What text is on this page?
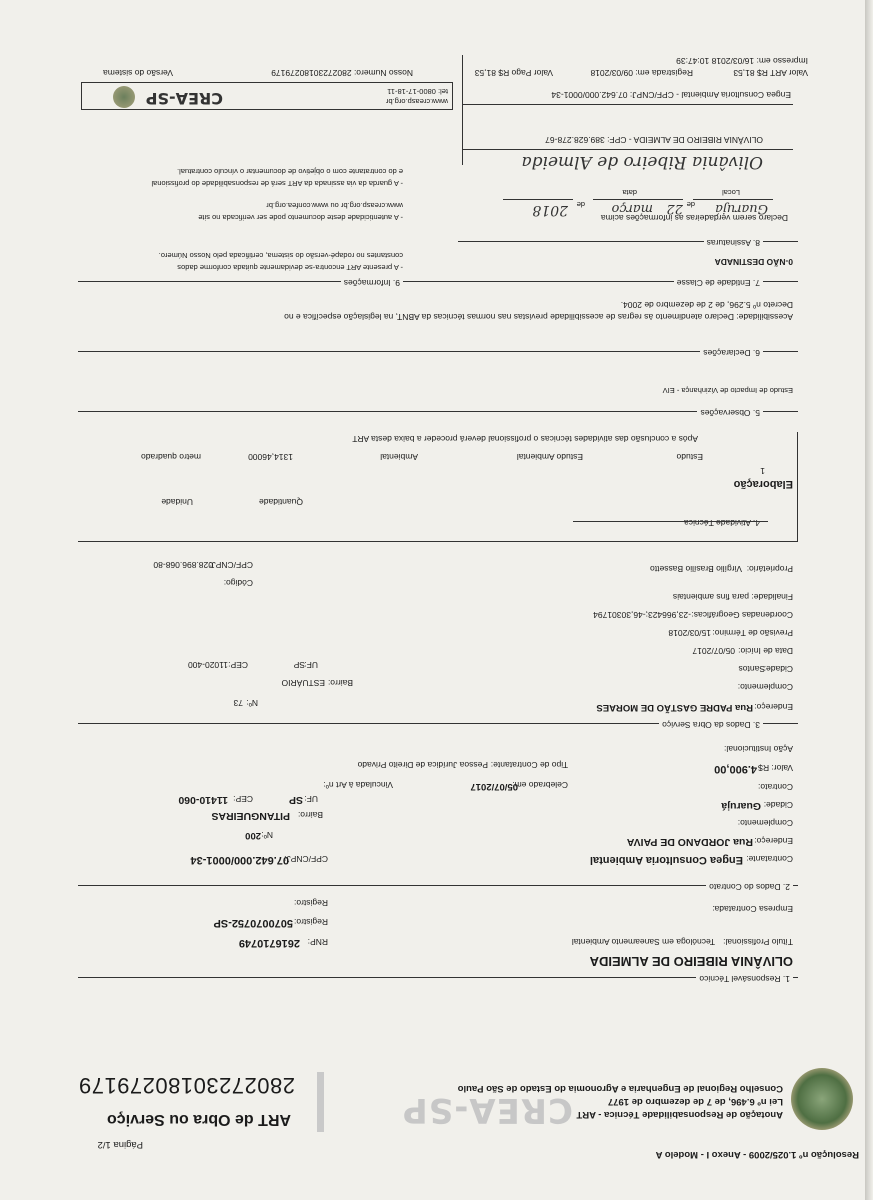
Resolução nº 1.025/2009 - Anexo I - Modelo A
Página 1/2
Anotação de Responsabilidade Técnica - ART
Lei nº 6.496, de 7 de dezembro de 1977
Conselho Regional de Engenharia e Agronomia do Estado de São Paulo
CREA-SP
ART de Obra ou Serviço
28027230180279179
1. Responsável Técnico
OLIVÂNIA RIBEIRO DE ALMEIDA
Título Profissional:
Tecnóloga em Saneamento Ambiental
RNP:
2616710749
Registro:
5070070752-SP
Empresa Contratada:
Registro:
2. Dados do Contrato
Contratante:
Engea Consultoria Ambiental
CPF/CNPJ:
07.642.000/0001-34
Endereço:
Rua JORDANO DE PAIVA
Nº:
200
Complemento:
Bairro:
PITANGUEIRAS
Cidade:
Guarujá
UF:
SP
CEP:
11410-060
Contrato:
Celebrado em:
05/07/2017
Vinculada à Art nº:
Valor: R$
4.900,00
Tipo de Contratante:
Pessoa Jurídica de Direito Privado
Ação Institucional:
3. Dados da Obra Serviço
Endereço:
Rua PADRE GASTÃO DE MORAES
Nº:
73
Complemento:
Bairro:
ESTUÁRIO
Cidade:
Santos
UF:
SP
CEP:
11020-400
Data de Início:
05/07/2017
Previsão de Término:
15/03/2018
Coordenadas Geográficas:
-23,966423;-46,30301794
Finalidade:
para fins ambientais
Código:
Proprietário:
Virgílio Brasílio Bassetto
CPF/CNPJ:
028.896.068-80
4. Atividade Técnica
Quantidade
Unidade
Elaboração
1
Estudo
Estudo Ambiental
Ambiental
1314,46000
metro quadrado
Após a conclusão das atividades técnicas o profissional deverá proceder a baixa desta ART
5. Observações
Estudo de Impacto de Vizinhança - EIV
6. Declarações
Acessibilidade: Declaro atendimento às regras de acessibilidade previstas nas normas técnicas da ABNT, na legislação específica e no
Decreto nº 5.296, de 2 de dezembro de 2004.
7. Entidade de Classe
0-NÃO DESTINADA
9. Informações
- A presente ART encontra-se devidamente quitada conforme dados
constantes no rodapé-versão do sistema, certificada pelo Nosso Número.
- A autenticidade deste documento pode ser verificada no site
www.creasp.org.br ou www.confea.org.br
- A guarda da via assinada da ART será de responsabilidade do profissional
e do contratante com o objetivo de documentar o vínculo contratual.
8. Assinaturas
Declaro serem verdadeiras as informações acima
Guarujá
22 de
março
de
2018
Local
data
Olivânia Ribeiro de Almeida
OLIVÂNIA RIBEIRO DE ALMEIDA - CPF: 389.628.278-67
Engea Consultoria Ambiental - CPF/CNPJ: 07.642.000/0001-34
www.creasp.org.br
tel: 0800-17-18-11
CREA-SP
Valor ART R$ 81,53
Registrada em: 09/03/2018
Valor Pago R$ 81,53
Nosso Numero: 28027230180279179
Versão do sistema
Impresso em: 16/03/2018 10:47:39
